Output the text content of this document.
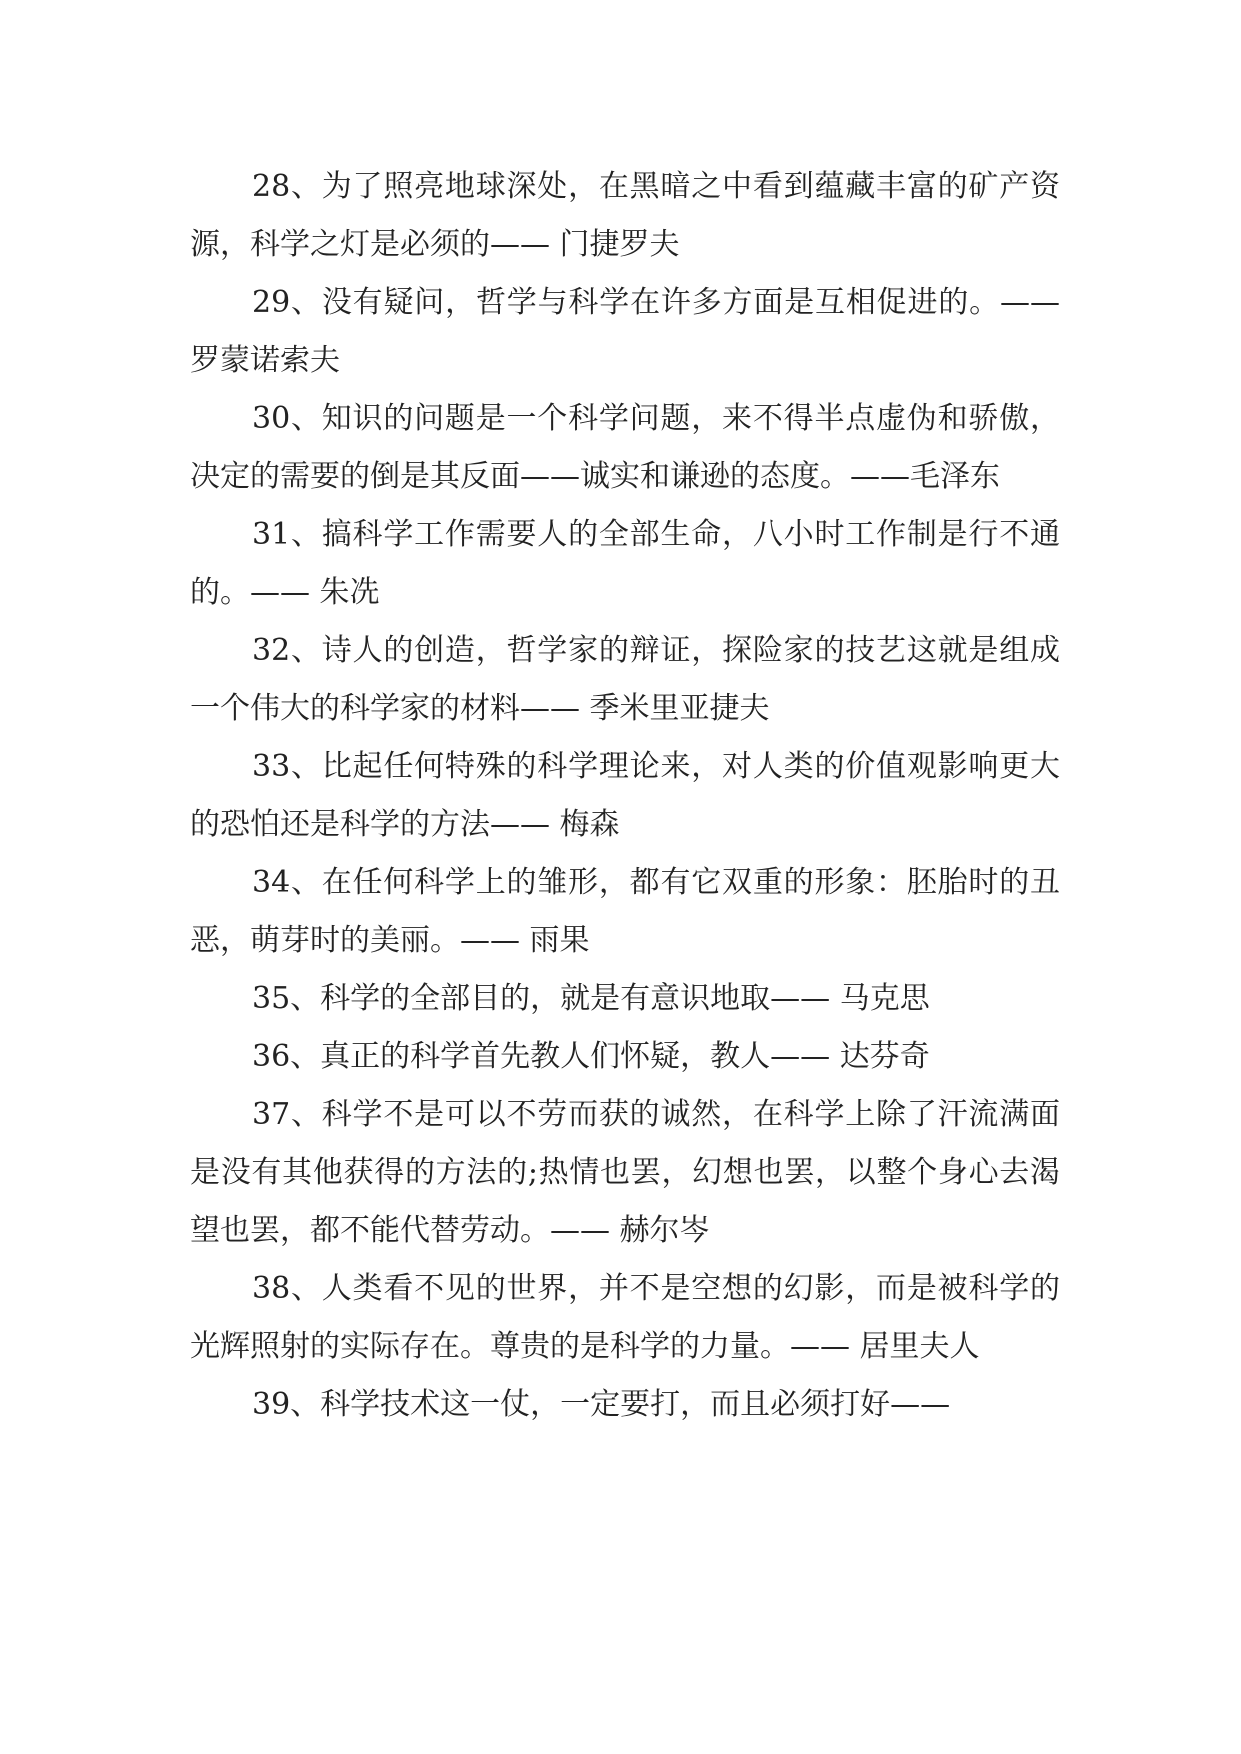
28、为了照亮地球深处，在黑暗之中看到蕴藏丰富的矿产资源，科学之灯是必须的—— 门捷罗夫

29、没有疑问，哲学与科学在许多方面是互相促进的。—— 罗蒙诺索夫

30、知识的问题是一个科学问题，来不得半点虚伪和骄傲，决定的需要的倒是其反面——诚实和谦逊的态度。——毛泽东

31、搞科学工作需要人的全部生命，八小时工作制是行不通的。—— 朱冼

32、诗人的创造，哲学家的辩证，探险家的技艺这就是组成一个伟大的科学家的材料—— 季米里亚捷夫

33、比起任何特殊的科学理论来，对人类的价值观影响更大的恐怕还是科学的方法—— 梅森

34、在任何科学上的雏形，都有它双重的形象：胚胎时的丑恶，萌芽时的美丽。—— 雨果

35、科学的全部目的，就是有意识地取—— 马克思

36、真正的科学首先教人们怀疑，教人—— 达芬奇

37、科学不是可以不劳而获的诚然，在科学上除了汗流满面是没有其他获得的方法的;热情也罢，幻想也罢，以整个身心去渴望也罢，都不能代替劳动。—— 赫尔岑

38、人类看不见的世界，并不是空想的幻影，而是被科学的光辉照射的实际存在。尊贵的是科学的力量。—— 居里夫人

39、科学技术这一仗，一定要打，而且必须打好——
